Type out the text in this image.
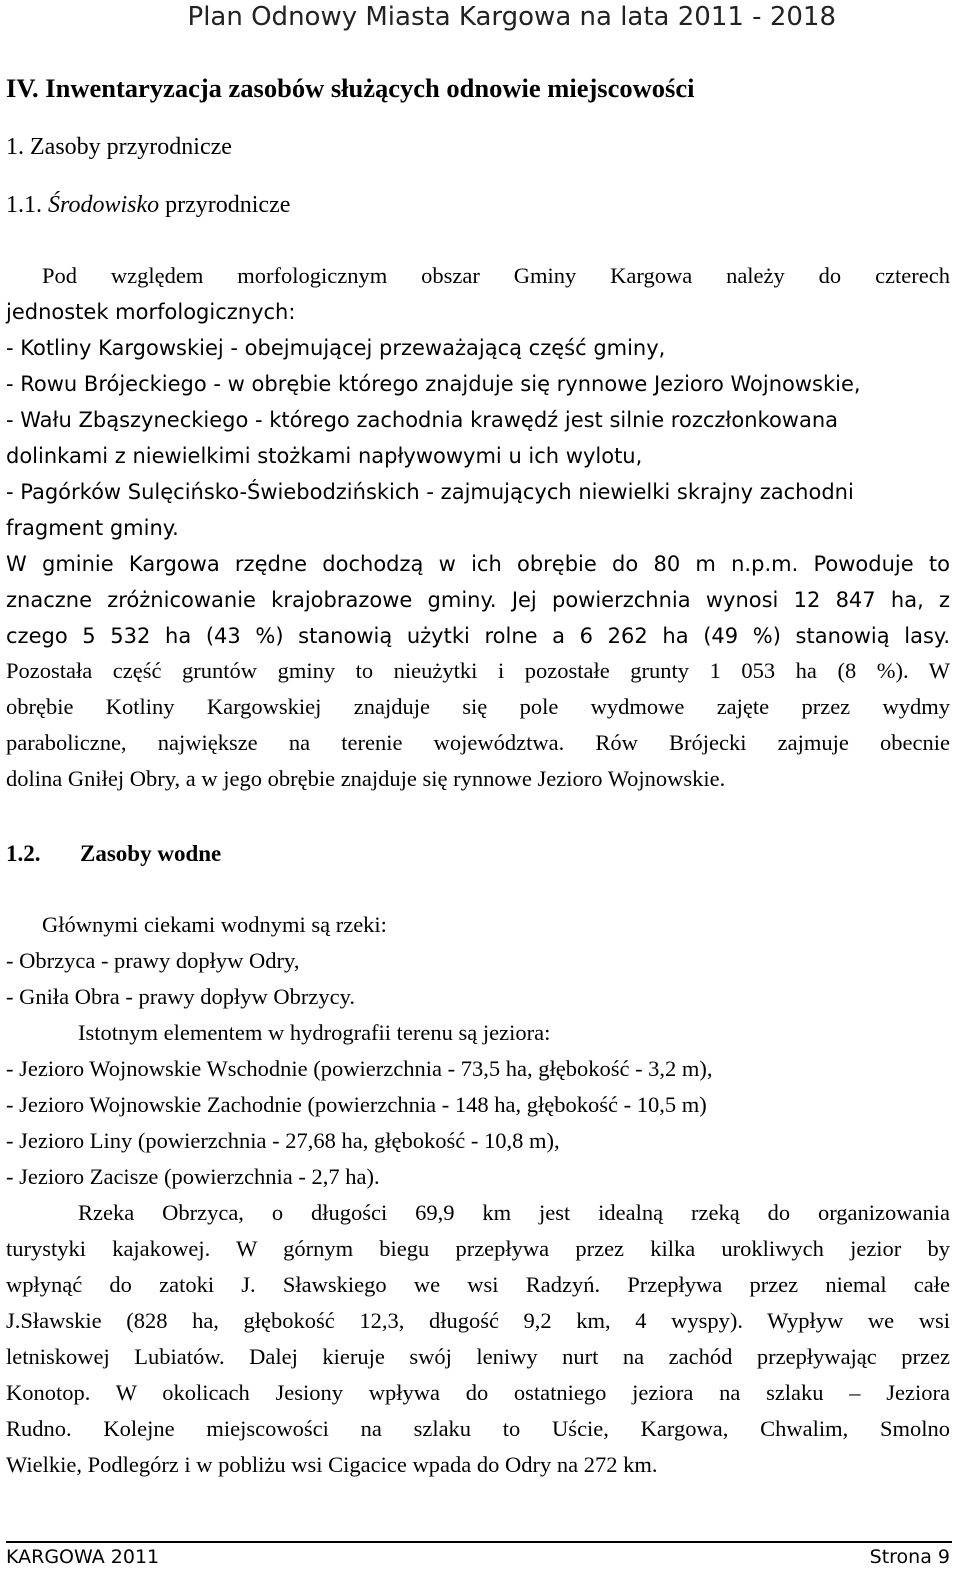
Plan Odnowy Miasta Kargowa na lata 2011 - 2018
IV. Inwentaryzacja zasobów służących odnowie miejscowości
1. Zasoby przyrodnicze
1.1. Środowisko przyrodnicze
Pod względem morfologicznym obszar Gminy Kargowa należy do czterech
jednostek morfologicznych:
- Kotliny Kargowskiej - obejmującej przeważającą część gminy,
- Rowu Brójeckiego - w obrębie którego znajduje się rynnowe Jezioro Wojnowskie,
- Wału Zbąszyneckiego - którego zachodnia krawędź jest silnie rozczłonkowana
dolinkami z niewielkimi stożkami napływowymi u ich wylotu,
- Pagórków Sulęcińsko-Świebodzińskich - zajmujących niewielki skrajny zachodni
fragment gminy.
W gminie Kargowa rzędne dochodzą w ich obrębie do 80 m n.p.m. Powoduje to
znaczne zróżnicowanie krajobrazowe gminy. Jej powierzchnia wynosi 12 847 ha, z
czego 5 532 ha (43 %) stanowią użytki rolne a 6 262 ha (49 %) stanowią lasy.
Pozostała część gruntów gminy to nieużytki i pozostałe grunty 1 053 ha (8 %). W
obrębie Kotliny Kargowskiej znajduje się pole wydmowe zajęte przez wydmy
paraboliczne, największe na terenie województwa. Rów Brójecki zajmuje obecnie
dolina Gniłej Obry, a w jego obrębie znajduje się rynnowe Jezioro Wojnowskie.
1.2. Zasoby wodne
Głównymi ciekami wodnymi są rzeki:
- Obrzyca - prawy dopływ Odry,
- Gniła Obra - prawy dopływ Obrzycy.
Istotnym elementem w hydrografii terenu są jeziora:
- Jezioro Wojnowskie Wschodnie (powierzchnia - 73,5 ha, głębokość - 3,2 m),
- Jezioro Wojnowskie Zachodnie (powierzchnia - 148 ha, głębokość - 10,5 m)
- Jezioro Liny (powierzchnia - 27,68 ha, głębokość - 10,8 m),
- Jezioro Zacisze (powierzchnia - 2,7 ha).
Rzeka Obrzyca, o długości 69,9 km jest idealną rzeką do organizowania
turystyki kajakowej. W górnym biegu przepływa przez kilka urokliwych jezior by
wpłynąć do zatoki J. Sławskiego we wsi Radzyń. Przepływa przez niemal całe
J.Sławskie (828 ha, głębokość 12,3, długość 9,2 km, 4 wyspy). Wypływ we wsi
letniskowej Lubiatów. Dalej kieruje swój leniwy nurt na zachód przepływając przez
Konotop. W okolicach Jesiony wpływa do ostatniego jeziora na szlaku – Jeziora
Rudno. Kolejne miejscowości na szlaku to Uście, Kargowa, Chwalim, Smolno
Wielkie, Podlegórz i w pobliżu wsi Cigacice wpada do Odry na 272 km.
KARGOWA 2011	Strona 9
